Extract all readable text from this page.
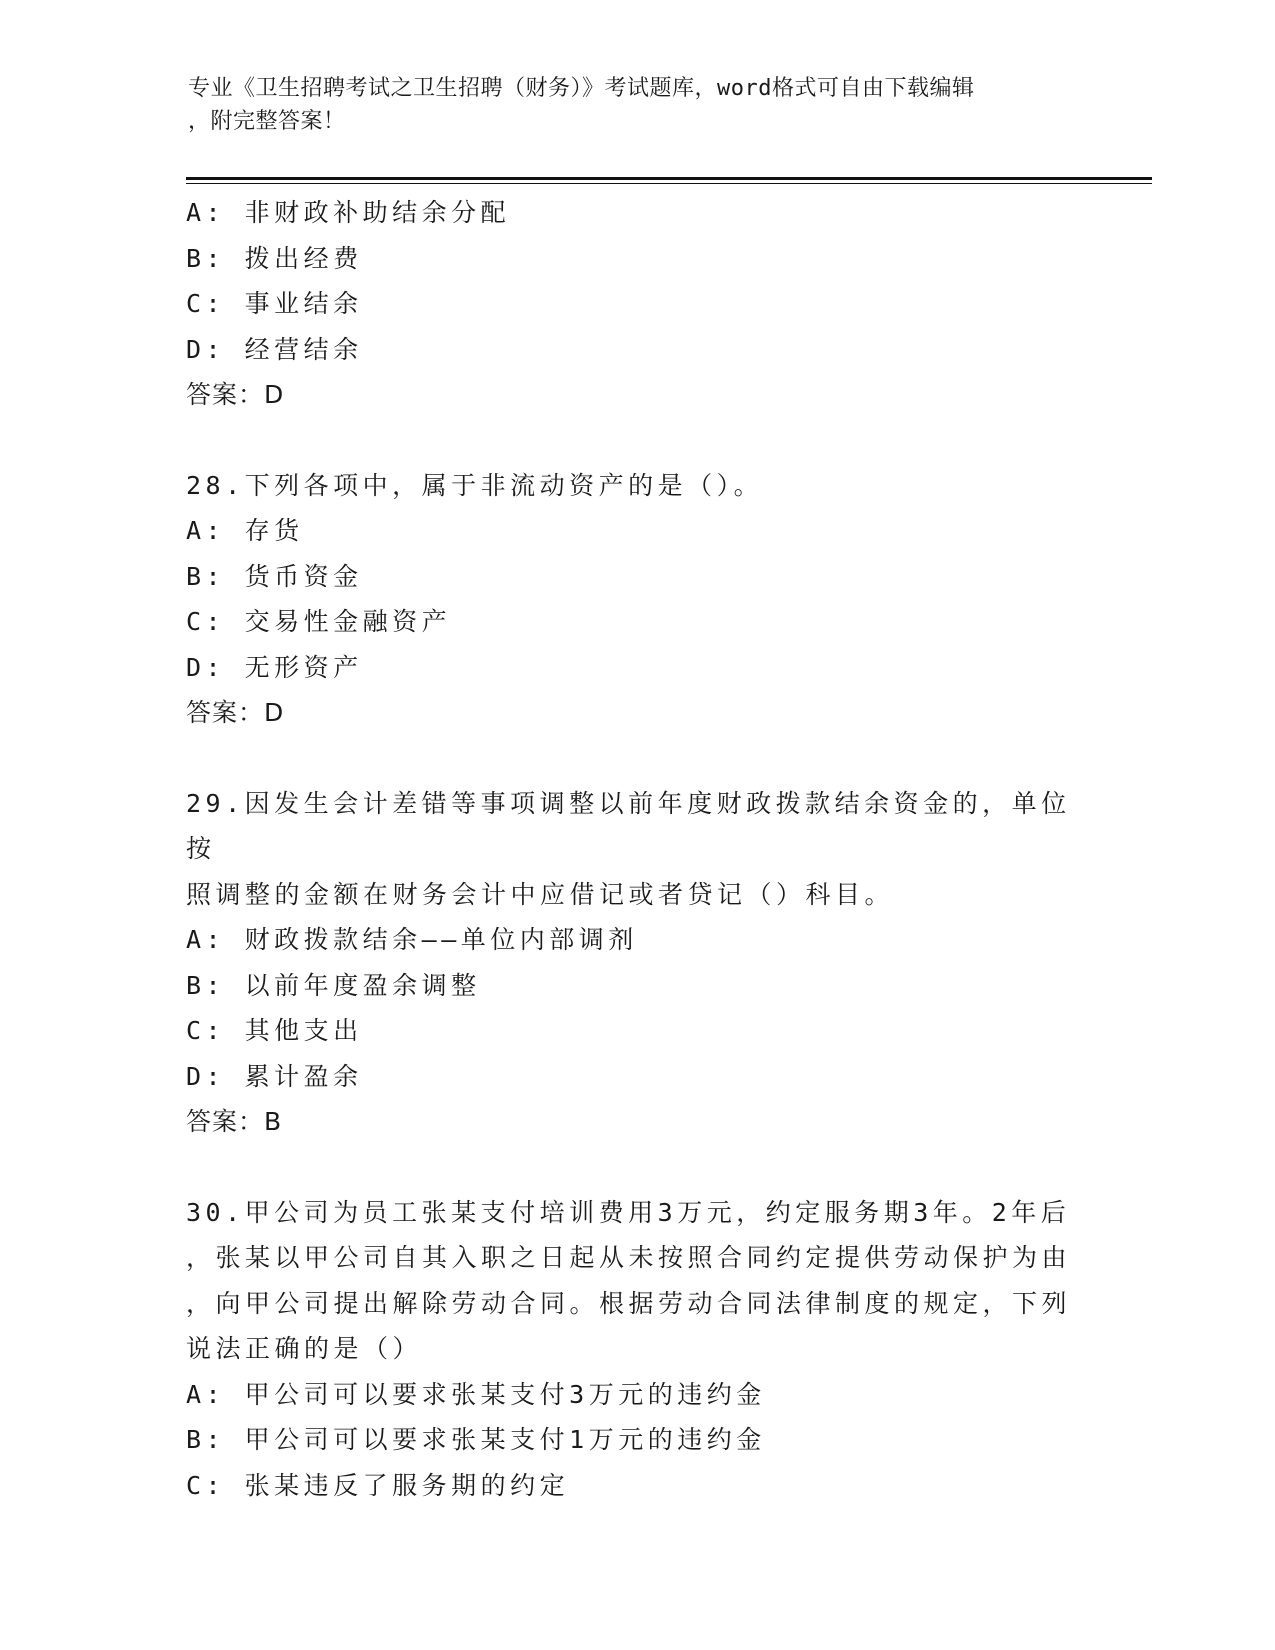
专业《卫生招聘考试之卫生招聘（财务）》考试题库，word格式可自由下载编辑
，附完整答案！
A: 非财政补助结余分配
B: 拨出经费
C: 事业结余
D: 经营结余
答案：D
28.下列各项中，属于非流动资产的是（）。
A: 存货
B: 货币资金
C: 交易性金融资产
D: 无形资产
答案：D
29.因发生会计差错等事项调整以前年度财政拨款结余资金的，单位按
照调整的金额在财务会计中应借记或者贷记（）科目。
A: 财政拨款结余——单位内部调剂
B: 以前年度盈余调整
C: 其他支出
D: 累计盈余
答案：B
30.甲公司为员工张某支付培训费用3万元，约定服务期3年。2年后
，张某以甲公司自其入职之日起从未按照合同约定提供劳动保护为由
，向甲公司提出解除劳动合同。根据劳动合同法律制度的规定，下列
说法正确的是（）
A: 甲公司可以要求张某支付3万元的违约金
B: 甲公司可以要求张某支付1万元的违约金
C: 张某违反了服务期的约定
